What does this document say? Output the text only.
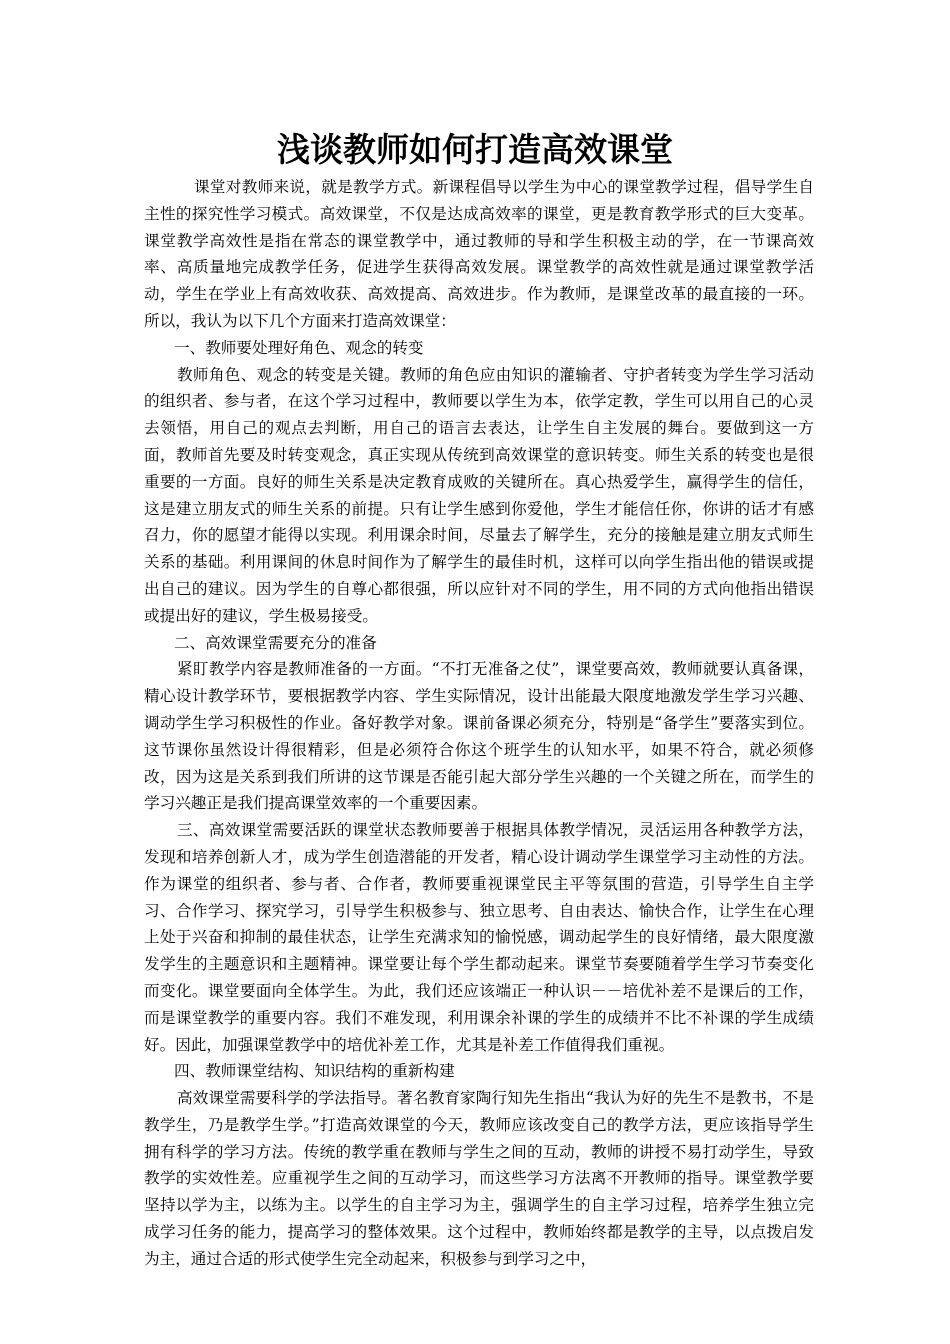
浅谈教师如何打造高效课堂

课堂对教师来说，就是教学方式。新课程倡导以学生为中心的课堂教学过程，倡导学生自主性的探究性学习模式。高效课堂，不仅是达成高效率的课堂，更是教育教学形式的巨大变革。课堂教学高效性是指在常态的课堂教学中，通过教师的导和学生积极主动的学，在一节课高效率、高质量地完成教学任务，促进学生获得高效发展。课堂教学的高效性就是通过课堂教学活动，学生在学业上有高效收获、高效提高、高效进步。作为教师，是课堂改革的最直接的一环。所以，我认为以下几个方面来打造高效课堂：

一、教师要处理好角色、观念的转变

教师角色、观念的转变是关键。教师的角色应由知识的灌输者、守护者转变为学生学习活动的组织者、参与者，在这个学习过程中，教师要以学生为本，依学定教，学生可以用自己的心灵去领悟，用自己的观点去判断，用自己的语言去表达，让学生自主发展的舞台。要做到这一方面，教师首先要及时转变观念，真正实现从传统到高效课堂的意识转变。师生关系的转变也是很重要的一方面。良好的师生关系是决定教育成败的关键所在。真心热爱学生，赢得学生的信任，这是建立朋友式的师生关系的前提。只有让学生感到你爱他，学生才能信任你，你讲的话才有感召力，你的愿望才能得以实现。利用课余时间，尽量去了解学生，充分的接触是建立朋友式师生关系的基础。利用课间的休息时间作为了解学生的最佳时机，这样可以向学生指出他的错误或提出自己的建议。因为学生的自尊心都很强，所以应针对不同的学生，用不同的方式向他指出错误或提出好的建议，学生极易接受。

二、高效课堂需要充分的准备

紧盯教学内容是教师准备的一方面。“不打无准备之仗”，课堂要高效，教师就要认真备课，精心设计教学环节，要根据教学内容、学生实际情况，设计出能最大限度地激发学生学习兴趣、调动学生学习积极性的作业。备好教学对象。课前备课必须充分，特别是“备学生”要落实到位。这节课你虽然设计得很精彩，但是必须符合你这个班学生的认知水平，如果不符合，就必须修改，因为这是关系到我们所讲的这节课是否能引起大部分学生兴趣的一个关键之所在，而学生的学习兴趣正是我们提高课堂效率的一个重要因素。

三、高效课堂需要活跃的课堂状态教师要善于根据具体教学情况，灵活运用各种教学方法，发现和培养创新人才，成为学生创造潜能的开发者，精心设计调动学生课堂学习主动性的方法。作为课堂的组织者、参与者、合作者，教师要重视课堂民主平等氛围的营造，引导学生自主学习、合作学习、探究学习，引导学生积极参与、独立思考、自由表达、愉快合作，让学生在心理上处于兴奋和抑制的最佳状态，让学生充满求知的愉悦感，调动起学生的良好情绪，最大限度激发学生的主题意识和主题精神。课堂要让每个学生都动起来。课堂节奏要随着学生学习节奏变化而变化。课堂要面向全体学生。为此，我们还应该端正一种认识－－培优补差不是课后的工作，而是课堂教学的重要内容。我们不难发现，利用课余补课的学生的成绩并不比不补课的学生成绩好。因此，加强课堂教学中的培优补差工作，尤其是补差工作值得我们重视。

四、教师课堂结构、知识结构的重新构建

高效课堂需要科学的学法指导。著名教育家陶行知先生指出“我认为好的先生不是教书，不是教学生，乃是教学生学。”打造高效课堂的今天，教师应该改变自己的教学方法，更应该指导学生拥有科学的学习方法。传统的教学重在教师与学生之间的互动，教师的讲授不易打动学生，导致教学的实效性差。应重视学生之间的互动学习，而这些学习方法离不开教师的指导。课堂教学要坚持以学为主，以练为主。以学生的自主学习为主，强调学生的自主学习过程，培养学生独立完成学习任务的能力，提高学习的整体效果。这个过程中，教师始终都是教学的主导，以点拨启发为主，通过合适的形式使学生完全动起来，积极参与到学习之中，
